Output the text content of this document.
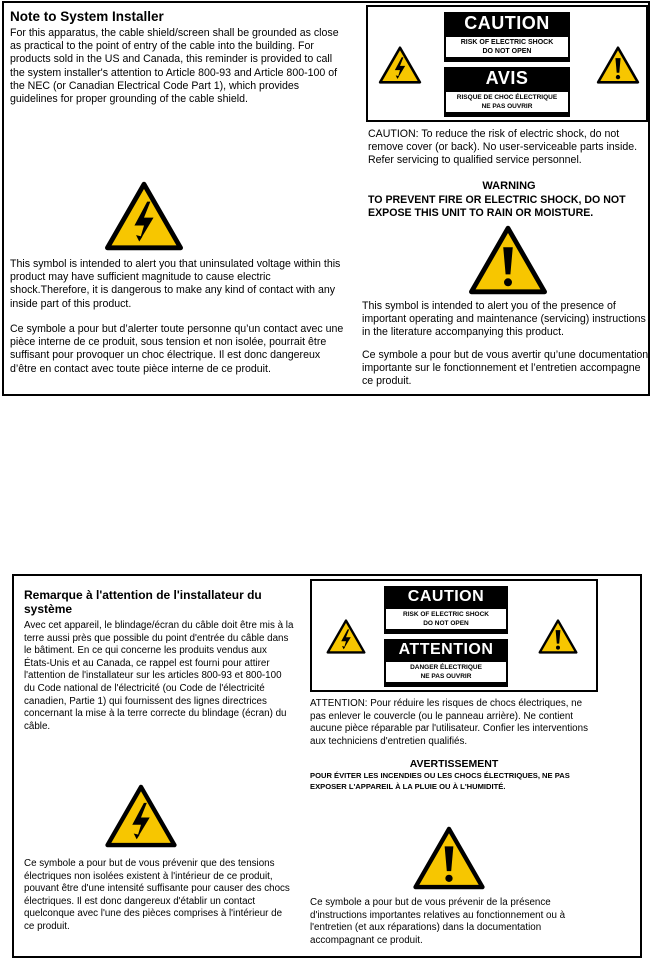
Note to System Installer
For this apparatus, the cable shield/screen shall be grounded as close as practical to the point of entry of the cable into the building. For products sold in the US and Canada, this reminder is provided to call the system installer's attention to Article 800-93 and Article 800-100 of the NEC (or Canadian Electrical Code Part 1), which provides guidelines for proper grounding of the cable shield.
CAUTION
RISK OF ELECTRIC SHOCK
DO NOT OPEN
AVIS
RISQUE DE CHOC ÉLECTRIQUE
NE PAS OUVRIR
CAUTION: To reduce the risk of electric shock, do not remove cover (or back). No user-serviceable parts inside. Refer servicing to qualified service personnel.
WARNING
TO PREVENT FIRE OR ELECTRIC SHOCK, DO NOT EXPOSE THIS UNIT TO RAIN OR MOISTURE.
This symbol is intended to alert you that uninsulated voltage within this product may have sufficient magnitude to cause electric shock.Therefore, it is dangerous to make any kind of contact with any inside part of this product.
Ce symbole a pour but d’alerter toute personne qu’un contact avec une pièce interne de ce produit, sous tension et non isolée, pourrait être suffisant pour provoquer un choc électrique. Il est donc dangereux d’être en contact avec toute pièce interne de ce produit.
This symbol is intended to alert you of the presence of important operating and maintenance (servicing) instructions in the literature accompanying this product.
Ce symbole a pour but de vous avertir qu’une documentation importante sur le fonctionnement et l’entretien accompagne ce produit.
Remarque à l'attention de l'installateur du système
Avec cet appareil, le blindage/écran du câble doit être mis à la terre aussi près que possible du point d'entrée du câble dans le bâtiment. En ce qui concerne les produits vendus aux États-Unis et au Canada, ce rappel est fourni pour attirer l'attention de l'installateur sur les articles 800-93 et 800-100 du Code national de l'électricité (ou Code de l'électricité canadien, Partie 1) qui fournissent des lignes directrices concernant la mise à la terre correcte du blindage (écran) du câble.
CAUTION
RISK OF ELECTRIC SHOCK
DO NOT OPEN
ATTENTION
DANGER ÉLECTRIQUE
NE PAS OUVRIR
ATTENTION: Pour réduire les risques de chocs électriques, ne pas enlever le couvercle (ou le panneau arrière). Ne contient aucune pièce réparable par l'utilisateur. Confier les interventions aux techniciens d'entretien qualifiés.
AVERTISSEMENT
POUR ÉVITER LES INCENDIES OU LES CHOCS ÉLECTRIQUES, NE PAS EXPOSER L'APPAREIL À LA PLUIE OU À L'HUMIDITÉ.
Ce symbole a pour but de vous prévenir que des tensions électriques non isolées existent à l'intérieur de ce produit, pouvant être d'une intensité suffisante pour causer des chocs électriques. Il est donc dangereux d'établir un contact quelconque avec l'une des pièces comprises à l'intérieur de ce produit.
Ce symbole a pour but de vous prévenir de la présence d'instructions importantes relatives au fonctionnement ou à l'entretien (et aux réparations) dans la documentation accompagnant ce produit.
